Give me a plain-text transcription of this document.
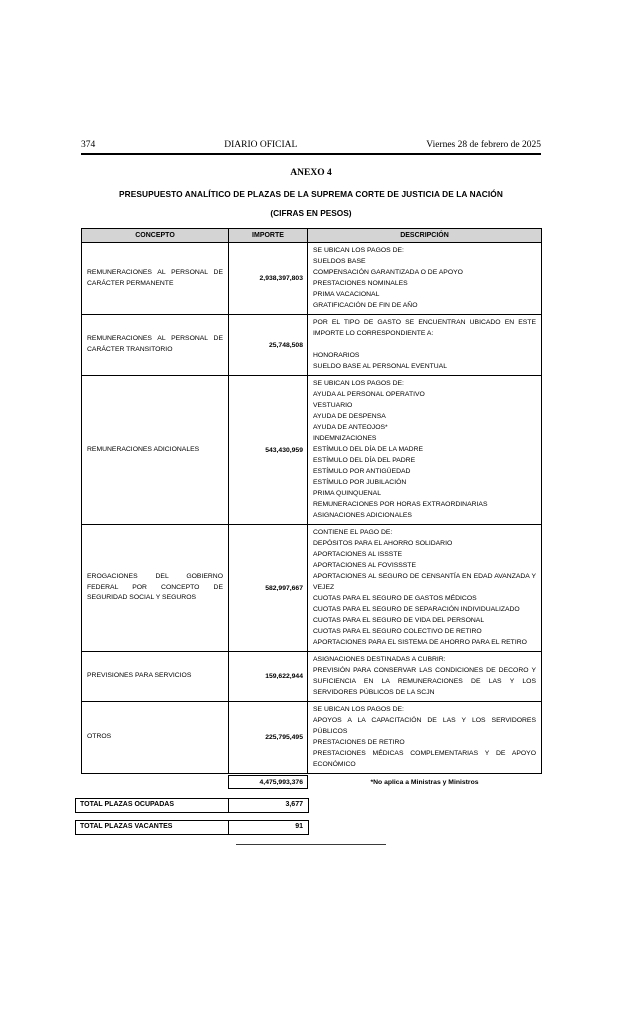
374	DIARIO OFICIAL	Viernes 28 de febrero de 2025
ANEXO 4
PRESUPUESTO ANALÍTICO DE PLAZAS DE LA SUPREMA CORTE DE JUSTICIA DE LA NACIÓN
(CIFRAS EN PESOS)
CONCEPTO	IMPORTE	DESCRIPCIÓN
REMUNERACIONES AL PERSONAL DE CARÁCTER PERMANENTE	2,938,397,803	
SE UBICAN LOS PAGOS DE:
SUELDOS BASE
COMPENSACIÓN GARANTIZADA O DE APOYO
PRESTACIONES NOMINALES
PRIMA VACACIONAL
GRATIFICACIÓN DE FIN DE AÑO

REMUNERACIONES AL PERSONAL DE CARÁCTER TRANSITORIO	25,748,508	POR EL TIPO DE GASTO SE ENCUENTRAN UBICADO EN ESTE IMPORTE LO CORRESPONDIENTE A:

HONORARIOS
SUELDO BASE AL PERSONAL EVENTUAL

REMUNERACIONES ADICIONALES	543,430,959	
SE UBICAN LOS PAGOS DE:
AYUDA AL PERSONAL OPERATIVO
VESTUARIO
AYUDA DE DESPENSA
AYUDA DE ANTEOJOS*
INDEMNIZACIONES
ESTÍMULO DEL DÍA DE LA MADRE
ESTÍMULO DEL DÍA DEL PADRE
ESTÍMULO POR ANTIGÜEDAD
ESTÍMULO POR JUBILACIÓN
PRIMA QUINQUENAL
REMUNERACIONES POR HORAS EXTRAORDINARIAS
ASIGNACIONES ADICIONALES

EROGACIONES DEL GOBIERNO FEDERAL POR CONCEPTO DE SEGURIDAD SOCIAL Y SEGUROS	582,997,667	
CONTIENE EL PAGO DE:
DEPÓSITOS PARA EL AHORRO SOLIDARIO
APORTACIONES AL ISSSTE
APORTACIONES AL FOVISSSTE
APORTACIONES AL SEGURO DE CENSANTÍA EN EDAD AVANZADA Y VEJEZ
CUOTAS PARA EL SEGURO DE GASTOS MÉDICOS
CUOTAS PARA EL SEGURO DE SEPARACIÓN INDIVIDUALIZADO
CUOTAS PARA EL SEGURO DE VIDA DEL PERSONAL
CUOTAS PARA EL SEGURO COLECTIVO DE RETIRO
APORTACIONES PARA EL SISTEMA DE AHORRO PARA EL RETIRO

PREVISIONES PARA SERVICIOS	159,622,944	ASIGNACIONES DESTINADAS A CUBRIR:
PREVISIÓN PARA CONSERVAR LAS CONDICIONES DE DECORO Y SUFICIENCIA EN LA REMUNERACIONES DE LAS Y LOS SERVIDORES PÚBLICOS DE LA SCJN

OTROS	225,795,495	SE UBICAN LOS PAGOS DE:
APOYOS A LA CAPACITACIÓN DE LAS Y LOS SERVIDORES PÚBLICOS
PRESTACIONES DE RETIRO
PRESTACIONES MÉDICAS COMPLEMENTARIAS Y DE APOYO ECONÓMICO
4,475,993,376	*No aplica a Ministras y Ministros
TOTAL PLAZAS OCUPADAS	3,677
TOTAL PLAZAS VACANTES	91
